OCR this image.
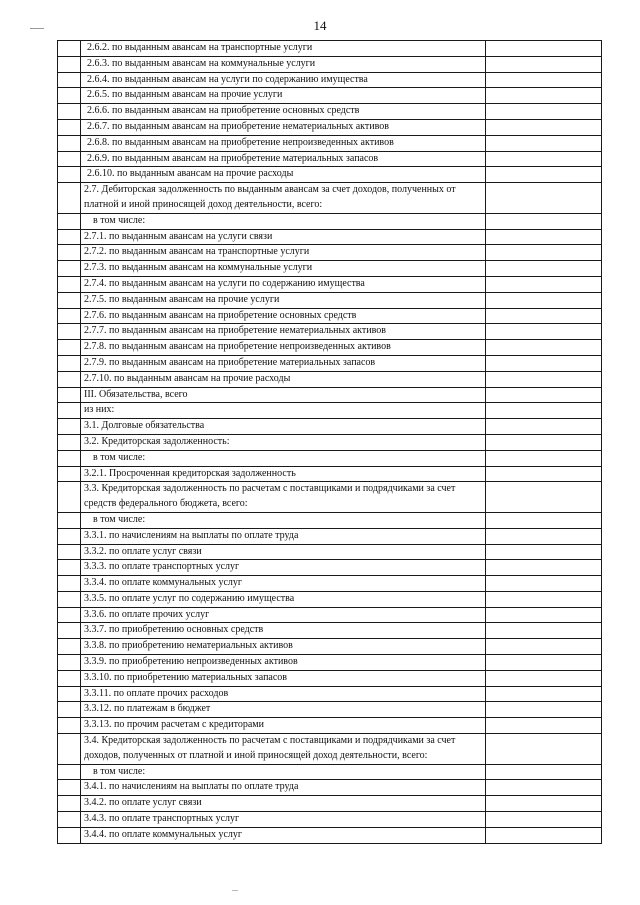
14
	2.6.2. по выданным авансам на транспортные услуги	
	2.6.3. по выданным авансам на коммунальные услуги	
	2.6.4. по выданным авансам на услуги по содержанию имущества	
	2.6.5. по выданным авансам на прочие услуги	
	2.6.6. по выданным авансам на приобретение основных средств	
	2.6.7. по выданным авансам на приобретение нематериальных активов	
	2.6.8. по выданным авансам на приобретение непроизведенных активов	
	2.6.9. по выданным авансам на приобретение материальных запасов	
	2.6.10. по выданным авансам на прочие расходы	
	2.7. Дебиторская задолженность по выданным авансам за счет доходов, полученных от платной и иной приносящей доход деятельности, всего:	
	в том числе:	
	2.7.1. по выданным авансам на услуги связи	
	2.7.2. по выданным авансам на транспортные услуги	
	2.7.3. по выданным авансам на коммунальные услуги	
	2.7.4. по выданным авансам на услуги по содержанию имущества	
	2.7.5. по выданным авансам на прочие услуги	
	2.7.6. по выданным авансам на приобретение основных средств	
	2.7.7. по выданным авансам на приобретение нематериальных активов	
	2.7.8. по выданным авансам на приобретение непроизведенных активов	
	2.7.9. по выданным авансам на приобретение материальных запасов	
	2.7.10. по выданным авансам на прочие расходы	
	III. Обязательства, всего	
	из них:	
	3.1. Долговые обязательства	
	3.2. Кредиторская задолженность:	
	в том числе:	
	3.2.1. Просроченная кредиторская задолженность	
	3.3. Кредиторская задолженность по расчетам с поставщиками и подрядчиками за счет средств федерального бюджета, всего:	
	в том числе:	
	3.3.1. по начислениям на выплаты по оплате труда	
	3.3.2. по оплате услуг связи	
	3.3.3. по оплате транспортных услуг	
	3.3.4. по оплате коммунальных услуг	
	3.3.5. по оплате услуг по содержанию имущества	
	3.3.6. по оплате прочих услуг	
	3.3.7. по приобретению основных средств	
	3.3.8. по приобретению нематериальных активов	
	3.3.9. по приобретению непроизведенных активов	
	3.3.10. по приобретению материальных запасов	
	3.3.11. по оплате прочих расходов	
	3.3.12. по платежам в бюджет	
	3.3.13. по прочим расчетам с кредиторами	
	3.4. Кредиторская задолженность по расчетам с поставщиками и подрядчиками за счет доходов, полученных от платной и иной приносящей доход деятельности, всего:	
	в том числе:	
	3.4.1. по начислениям на выплаты по оплате труда	
	3.4.2. по оплате услуг связи	
	3.4.3. по оплате транспортных услуг	
	3.4.4. по оплате коммунальных услуг	
